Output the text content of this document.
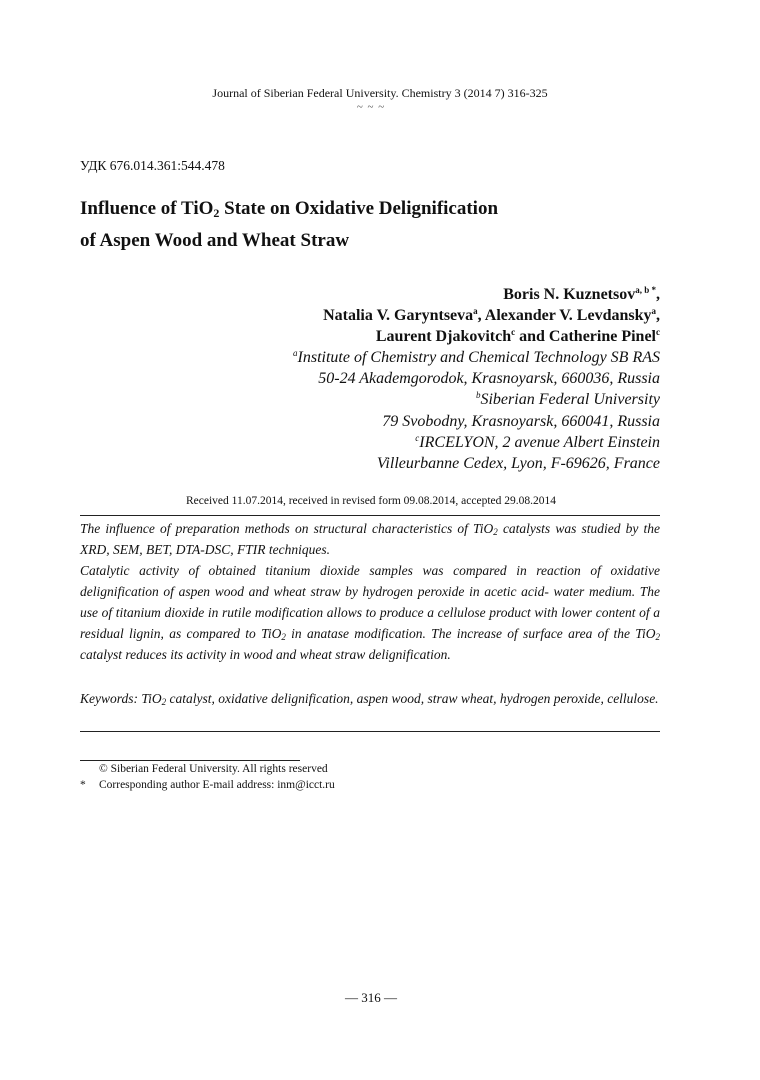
Journal of Siberian Federal University. Chemistry 3 (2014 7) 316-325
~ ~ ~
УДК 676.014.361:544.478
Influence of TiO$_2$ State on Oxidative Delignification
of Aspen Wood and Wheat Straw
Boris N. Kuznetsov$^{a, b *}$,
Natalia V. Garyntseva$^a$, Alexander V. Levdansky$^a$,
Laurent Djakovitch$^c$ and Catherine Pinel$^c$
$^a$Institute of Chemistry and Chemical Technology SB RAS
50-24 Akademgorodok, Krasnoyarsk, 660036, Russia
$^b$Siberian Federal University
79 Svobodny, Krasnoyarsk, 660041, Russia
$^c$IRCELYON, 2 avenue Albert Einstein
Villeurbanne Cedex, Lyon, F-69626, France
Received 11.07.2014, received in revised form 09.08.2014, accepted 29.08.2014

The influence of preparation methods on structural characteristics of TiO$_2$ catalysts was studied by the XRD, SEM, BET, DTA-DSC, FTIR techniques.

Catalytic activity of obtained titanium dioxide samples was compared in reaction of oxidative delignification of aspen wood and wheat straw by hydrogen peroxide in acetic acid- water medium. The use of titanium dioxide in rutile modification allows to produce a cellulose product with lower content of a residual lignin, as compared to TiO$_2$ in anatase modification. The increase of surface area of the TiO$_2$ catalyst reduces its activity in wood and wheat straw delignification.

Keywords: TiO$_2$ catalyst, oxidative delignification, aspen wood, straw wheat, hydrogen peroxide, cellulose.
© Siberian Federal University. All rights reserved
* Corresponding author E-mail address: inm@icct.ru
— 316 —
